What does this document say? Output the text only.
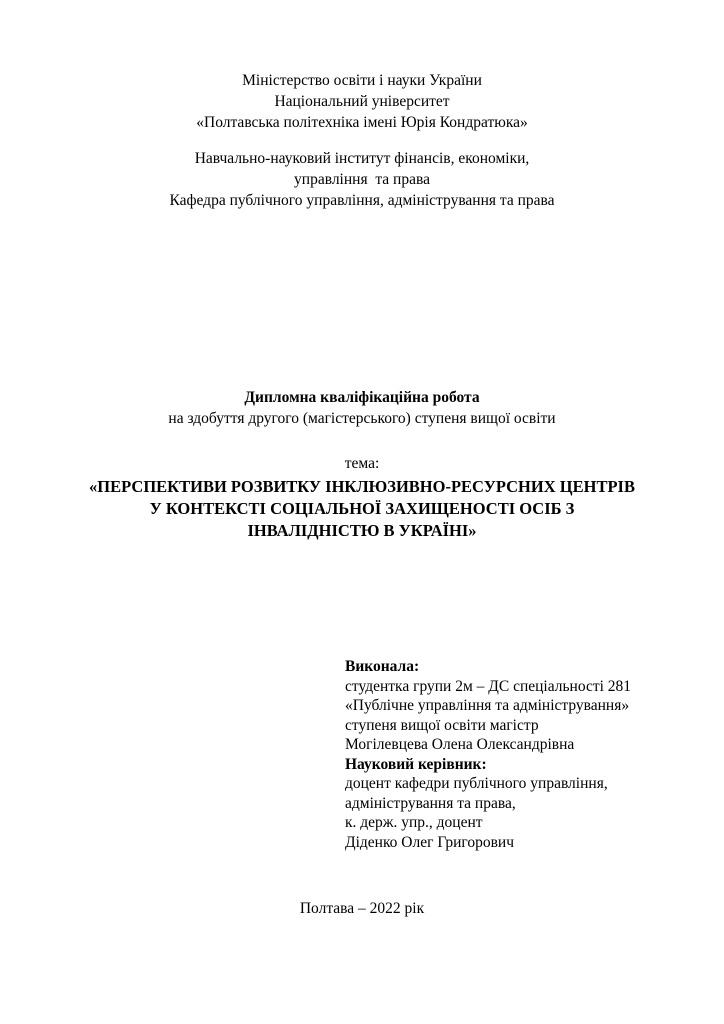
Міністерство освіти і науки України
Національний університет
«Полтавська політехніка імені Юрія Кондратюка»
Навчально-науковий інститут фінансів, економіки,
управління  та права
Кафедра публічного управління, адміністрування та права
Дипломна кваліфікаційна робота
на здобуття другого (магістерського) ступеня вищої освіти
тема:
«ПЕРСПЕКТИВИ РОЗВИТКУ ІНКЛЮЗИВНО-РЕСУРСНИХ ЦЕНТРІВ
У КОНТЕКСТІ СОЦІАЛЬНОЇ ЗАХИЩЕНОСТІ ОСІБ З
ІНВАЛІДНІСТЮ В УКРАЇНІ»
Виконала:
студентка групи 2м – ДС спеціальності 281
«Публічне управління та адміністрування»
ступеня вищої освіти магістр
Могілевцева Олена Олександрівна
Науковий керівник:
доцент кафедри публічного управління,
адміністрування та права,
к. держ. упр., доцент
Діденко Олег Григорович
Полтава – 2022 рік
